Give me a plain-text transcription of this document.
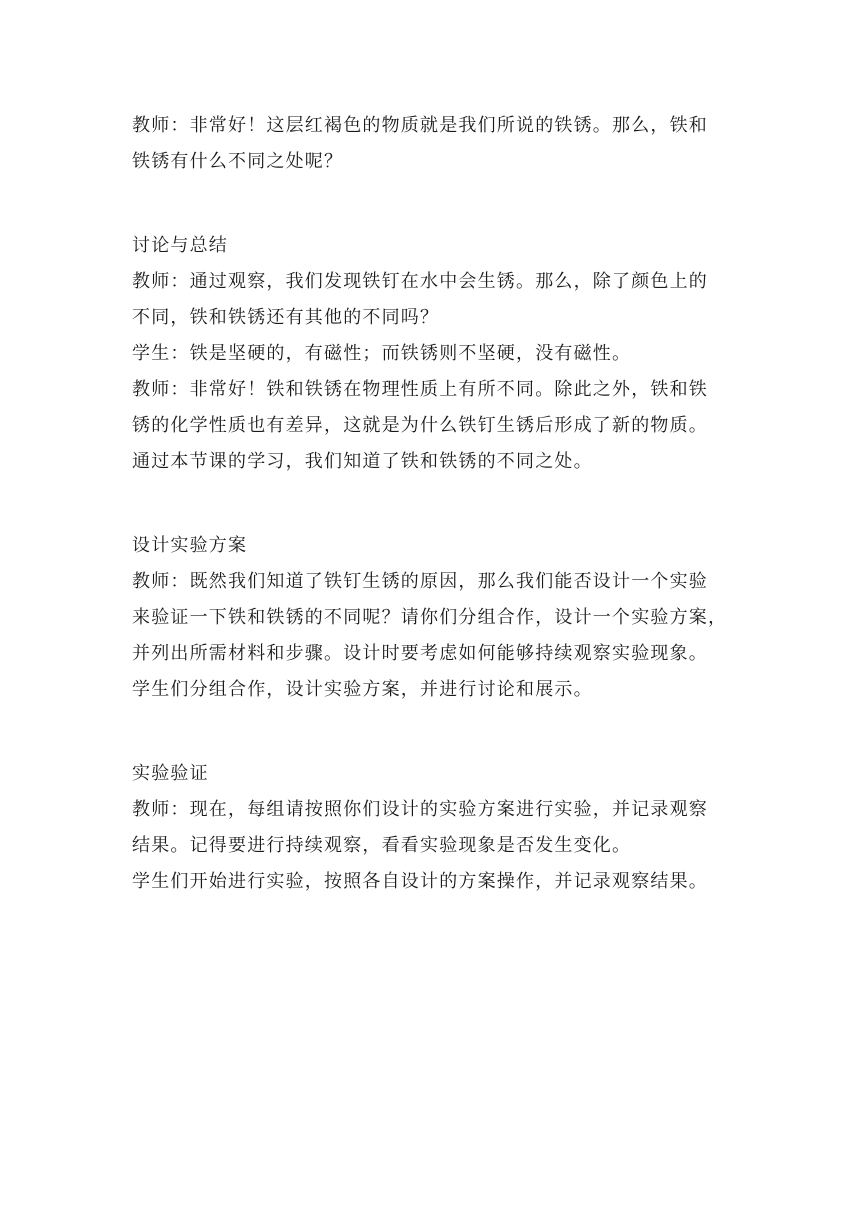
教师：非常好！这层红褐色的物质就是我们所说的铁锈。那么，铁和
铁锈有什么不同之处呢？

讨论与总结

教师：通过观察，我们发现铁钉在水中会生锈。那么，除了颜色上的
不同，铁和铁锈还有其他的不同吗？

学生：铁是坚硬的，有磁性；而铁锈则不坚硬，没有磁性。

教师：非常好！铁和铁锈在物理性质上有所不同。除此之外，铁和铁
锈的化学性质也有差异，这就是为什么铁钉生锈后形成了新的物质。
通过本节课的学习，我们知道了铁和铁锈的不同之处。

设计实验方案

教师：既然我们知道了铁钉生锈的原因，那么我们能否设计一个实验
来验证一下铁和铁锈的不同呢？请你们分组合作，设计一个实验方案，
并列出所需材料和步骤。设计时要考虑如何能够持续观察实验现象。

学生们分组合作，设计实验方案，并进行讨论和展示。

实验验证

教师：现在，每组请按照你们设计的实验方案进行实验，并记录观察
结果。记得要进行持续观察，看看实验现象是否发生变化。

学生们开始进行实验，按照各自设计的方案操作，并记录观察结果。
